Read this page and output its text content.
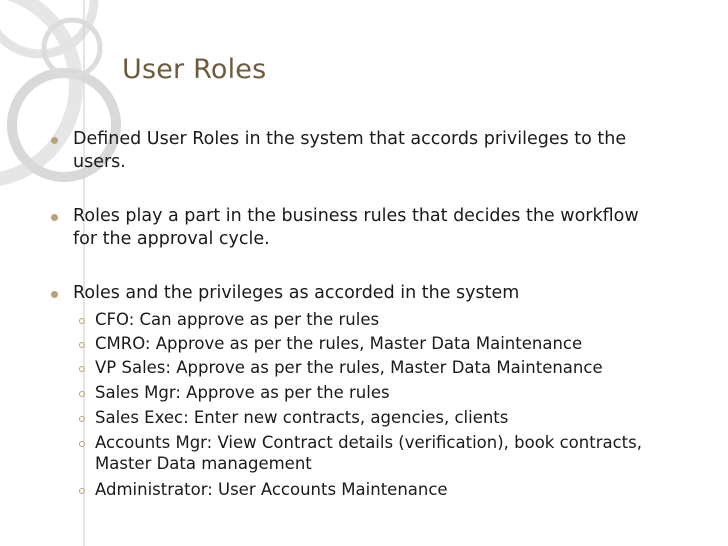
User Roles
Defined User Roles in the system that accords privileges to the users.
Roles play a part in the business rules that decides the workflow for the approval cycle.
Roles and the privileges as accorded in the system
CFO: Can approve as per the rules
CMRO: Approve as per the rules, Master Data Maintenance
VP Sales: Approve as per the rules, Master Data Maintenance
Sales Mgr: Approve as per the rules
Sales Exec: Enter new contracts, agencies, clients
Accounts Mgr: View Contract details (verification), book contracts, Master Data management
Administrator: User Accounts Maintenance
